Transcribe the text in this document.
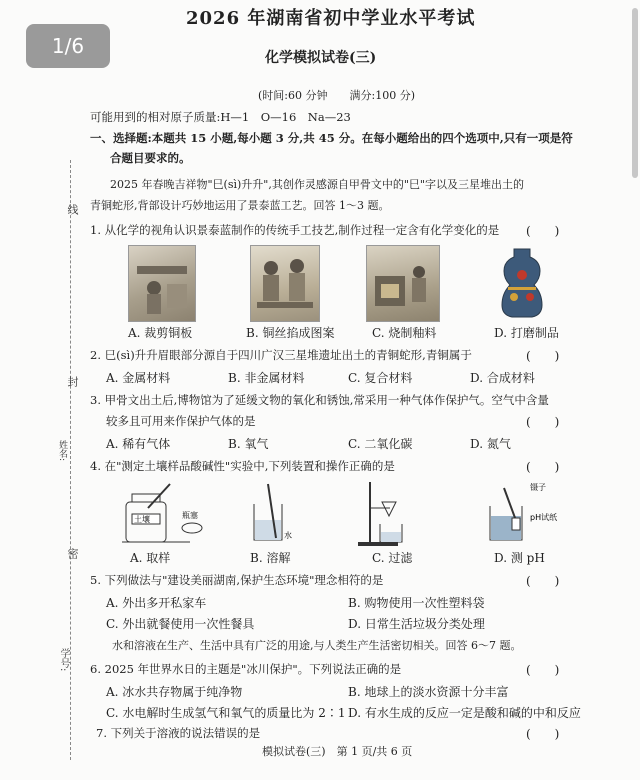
1/6
线
封
姓名:
密
学号:
2026 年湖南省初中学业水平考试
化学模拟试卷(三)
(时间:60 分钟　　满分:100 分)
可能用到的相对原子质量:H—1　O—16　Na—23
一、选择题:本题共 15 小题,每小题 3 分,共 45 分。在每小题给出的四个选项中,只有一项是符
合题目要求的。
2025 年春晚吉祥物"巳(sì)升升",其创作灵感源自甲骨文中的"巳"字以及三星堆出土的
青铜蛇形,背部设计巧妙地运用了景泰蓝工艺。回答 1～3 题。
1. 从化学的视角认识景泰蓝制作的传统手工技艺,制作过程一定含有化学变化的是 (　　)
A. 裁剪铜板	B. 铜丝掐成图案	C. 烧制釉料	D. 打磨制品
2. 巳(sì)升升眉眼部分源自于四川广汉三星堆遗址出土的青铜蛇形,青铜属于	(　　)
A. 金属材料	B. 非金属材料	C. 复合材料	D. 合成材料
3. 甲骨文出土后,博物馆为了延缓文物的氧化和锈蚀,常采用一种气体作保护气。空气中含量
较多且可用来作保护气体的是	(　　)
A. 稀有气体	B. 氧气	C. 二氧化碳	D. 氮气
4. 在"测定土壤样品酸碱性"实验中,下列装置和操作正确的是	(　　)
土壤	瓶塞
水
镊子
pH试纸
A. 取样	B. 溶解	C. 过滤	D. 测 pH
5. 下列做法与"建设美丽湖南,保护生态环境"理念相符的是	(　　)
A. 外出多开私家车	B. 购物使用一次性塑料袋
C. 外出就餐使用一次性餐具	D. 日常生活垃圾分类处理
水和溶液在生产、生活中具有广泛的用途,与人类生产生活密切相关。回答 6～7 题。
6. 2025 年世界水日的主题是"冰川保护"。下列说法正确的是	(　　)
A. 冰水共存物属于纯净物	B. 地球上的淡水资源十分丰富
C. 水电解时生成氢气和氧气的质量比为 2∶1 D. 有水生成的反应一定是酸和碱的中和反应
7. 下列关于溶液的说法错误的是	(　　)
模拟试卷(三)　第 1 页/共 6 页
